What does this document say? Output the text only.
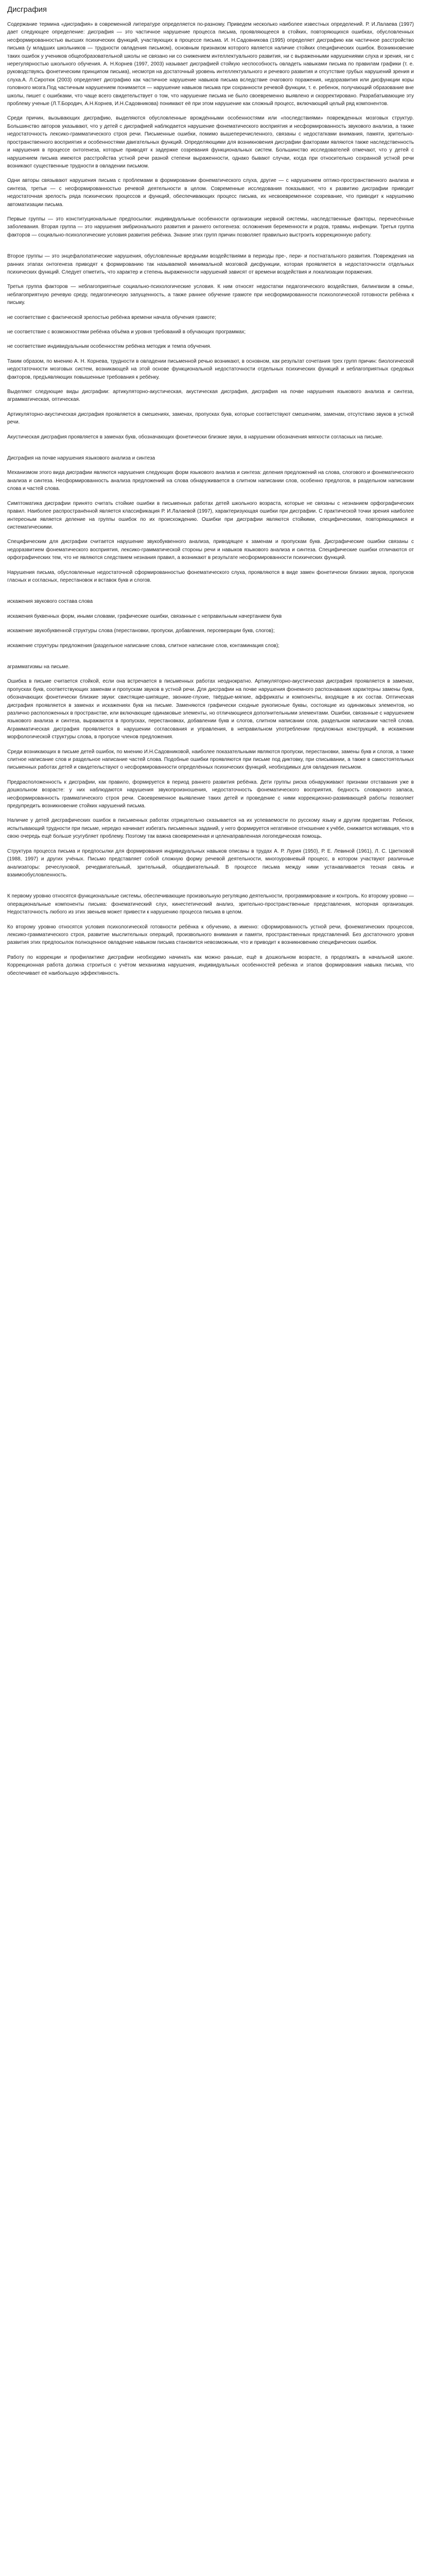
Дисграфия

Содержание термина «дисграфия» в современной литературе определяется по-разному. Приведем несколько наиболее известных определений. Р. И.Лалаева (1997) дает следующее определение: дисграфия — это частичное нарушение процесса письма, проявляющееся в стойких, повторяющихся ошибках, обусловленных несформированностью высших психических функций, участвующих в процессе письма. И. Н.Садовникова (1995) определяет дисграфию как частичное расстройство письма (у младших школьников — трудности овладения письмом), основным признаком которого является наличие стойких специфических ошибок. Возникновение таких ошибок у учеников общеобразовательной школы не связано ни со снижением интеллектуального развития, ни с выраженными нарушениями слуха и зрения, ни с нерегулярностью школьного обучения. А. Н.Корнев (1997, 2003) называет дисграфией стойкую неспособность овладеть навыками письма по правилам графики (т. е. руководствуясь фонетическим принципом письма), несмотря на достаточный уровень интеллектуального и речевого развития и отсутствие грубых нарушений зрения и слуха.А. Л.Сиротюк (2003) определяет дисграфию как частичное нарушение навыков письма вследствие очагового поражения, недоразвития или дисфункции коры головного мозга.Под частичным нарушением понимается — нарушение навыков письма при сохранности речевой функции, т. е. ребенок, получающий образование вне школы, пишет с ошибками, что чаще всего свидетельствует о том, что нарушение письма не было своевременно выявлено и скорректировано. Разрабатывающие эту проблему ученые (Л.Т.Бородич, А.Н.Корнев, И.Н.Садовникова) понимают её при этом нарушение как сложный процесс, включающий целый ряд компонентов.

Среди причин, вызывающих дисграфию, выделяются обусловленные врождёнными особенностями или «последствиями» поврежденных мозговых структур. Большинство авторов указывают, что у детей с дисграфией наблюдается нарушение фонематического восприятия и несформированность звукового анализа, а также недостаточность лексико-грамматического строя речи. Письменные ошибки, помимо вышеперечисленного, связаны с недостатками внимания, памяти, зрительно-пространственного восприятия и особенностями двигательных функций. Определяющими для возникновения дисграфии факторами являются также наследственность и нарушения в процессе онтогенеза, которые приводят к задержке созревания функциональных систем. Большинство исследователей отмечают, что у детей с нарушением письма имеются расстройства устной речи разной степени выраженности, однако бывают случаи, когда при относительно сохранной устной речи возникают существенные трудности в овладении письмом.

Одни авторы связывают нарушения письма с проблемами в формировании фонематического слуха, другие — с нарушением оптико-пространственного анализа и синтеза, третьи — с несформированностью речевой деятельности в целом. Современные исследования показывают, что к развитию дисграфии приводит недостаточная зрелость ряда психических процессов и функций, обеспечивающих процесс письма, их несвоевременное созревание, что приводит к нарушению автоматизации письма.

Первые группы — это конституциональные предпосылки: индивидуальные особенности организации нервной системы, наследственные факторы, перенесённые заболевания. Вторая группа — это нарушения эмбрионального развития и раннего онтогенеза: осложнения беременности и родов, травмы, инфекции. Третья группа факторов — социально-психологические условия развития ребёнка. Знание этих групп причин позволяет правильно выстроить коррекционную работу.

Второе группы — это энцефалопатические нарушения, обусловленные вредными воздействиями в периоды пре-, пери- и постнатального развития. Повреждения на ранних этапах онтогенеза приводят к формированию так называемой минимальной мозговой дисфункции, которая проявляется в недостаточности отдельных психических функций. Следует отметить, что характер и степень выраженности нарушений зависят от времени воздействия и локализации поражения.

Третья группа факторов — неблагоприятные социально-психологические условия. К ним относят недостатки педагогического воздействия, билингвизм в семье, неблагоприятную речевую среду, педагогическую запущенность, а также раннее обучение грамоте при несформированности психологической готовности ребёнка к письму.

не соответствие с фактической зрелостью ребёнка времени начала обучения грамоте;

не соответствие с возможностями ребёнка объёма и уровня требований в обучающих программах;

не соответствие индивидуальным особенностям ребёнка методик и темпа обучения.

Таким образом, по мнению А. Н. Корнева, трудности в овладении письменной речью возникают, в основном, как результат сочетания трех групп причин: биологической недостаточности мозговых систем, возникающей на этой основе функциональной недостаточности отдельных психических функций и неблагоприятных средовых факторов, предъявляющих повышенные требования к ребёнку.

Выделяют следующие виды дисграфии: артикуляторно-акустическая, акустическая дисграфия, дисграфия на почве нарушения языкового анализа и синтеза, аграмматическая, оптическая.

Артикуляторно-акустическая дисграфия проявляется в смешениях, заменах, пропусках букв, которые соответствуют смешениям, заменам, отсутствию звуков в устной речи.

Акустическая дисграфия проявляется в заменах букв, обозначающих фонетически близкие звуки, в нарушении обозначения мягкости согласных на письме.

Дисграфия на почве нарушения языкового анализа и синтеза

Механизмом этого вида дисграфии являются нарушения следующих форм языкового анализа и синтеза: деления предложений на слова, слогового и фонематического анализа и синтеза. Несформированность анализа предложений на слова обнаруживается в слитном написании слов, особенно предлогов, в раздельном написании слова и частей слова.

Симптоматика дисграфии принято считать стойкие ошибки в письменных работах детей школьного возраста, которые не связаны с незнанием орфографических правил. Наиболее распространённой является классификация Р. И.Лалаевой (1997), характеризующая ошибки при дисграфии. С практической точки зрения наиболее интересным является деление на группы ошибок по их происхождению. Ошибки при дисграфии являются стойкими, специфическими, повторяющимися и систематическими.

Специфическим для дисграфии считается нарушение звукобуквенного анализа, приводящее к заменам и пропускам букв. Дисграфические ошибки связаны с недоразвитием фонематического восприятия, лексико-грамматической стороны речи и навыков языкового анализа и синтеза. Специфические ошибки отличаются от орфографических тем, что не являются следствием незнания правил, а возникают в результате несформированности психических функций.

Нарушения письма, обусловленные недостаточной сформированностью фонематического слуха, проявляются в виде замен фонетически близких звуков, пропусков гласных и согласных, перестановок и вставок букв и слогов.

искажения звукового состава слова

искажения буквенных форм, иными словами, графические ошибки, связанные с неправильным начертанием букв

искажение звукобуквенной структуры слова (перестановки, пропуски, добавления, персеверации букв, слогов);

искажение структуры предложения (раздельное написание слова, слитное написание слов, контаминация слов);

аграмматизмы на письме.

Ошибка в письме считается стойкой, если она встречается в письменных работах неоднократно. Артикуляторно-акустическая дисграфия проявляется в заменах, пропусках букв, соответствующих заменам и пропускам звуков в устной речи. Для дисграфии на почве нарушения фонемного распознавания характерны замены букв, обозначающих фонетически близкие звуки: свистящие-шипящие, звонкие-глухие, твёрдые-мягкие, аффрикаты и компоненты, входящие в их состав. Оптическая дисграфия проявляется в заменах и искажениях букв на письме. Заменяются графически сходные рукописные буквы, состоящие из одинаковых элементов, но различно расположенных в пространстве, или включающие одинаковые элементы, но отличающиеся дополнительными элементами. Ошибки, связанные с нарушением языкового анализа и синтеза, выражаются в пропусках, перестановках, добавлении букв и слогов, слитном написании слов, раздельном написании частей слова. Аграмматическая дисграфия проявляется в нарушении согласования и управления, в неправильном употреблении предложных конструкций, в искажении морфологической структуры слова, в пропуске членов предложения.

Среди возникающих в письме детей ошибок, по мнению И.Н.Садовниковой, наиболее показательными являются пропуски, перестановки, замены букв и слогов, а также слитное написание слов и раздельное написание частей слова. Подобные ошибки проявляются при письме под диктовку, при списывании, а также в самостоятельных письменных работах детей и свидетельствуют о несформированности определённых психических функций, необходимых для овладения письмом.

Предрасположенность к дисграфии, как правило, формируется в период раннего развития ребёнка. Дети группы риска обнаруживают признаки отставания уже в дошкольном возрасте: у них наблюдаются нарушения звукопроизношения, недостаточность фонематического восприятия, бедность словарного запаса, несформированность грамматического строя речи. Своевременное выявление таких детей и проведение с ними коррекционно-развивающей работы позволяет предупредить возникновение стойких нарушений письма.

Наличие у детей дисграфических ошибок в письменных работах отрицательно сказывается на их успеваемости по русскому языку и другим предметам. Ребенок, испытывающий трудности при письме, нередко начинает избегать письменных заданий, у него формируется негативное отношение к учёбе, снижается мотивация, что в свою очередь ещё больше усугубляет проблему. Поэтому так важна своевременная и целенаправленная логопедическая помощь.

Структура процесса письма и предпосылки для формирования индивидуальных навыков описаны в трудах А. Р. Лурия (1950), Р. Е. Левиной (1961), Л. С. Цветковой (1988, 1997) и других учёных. Письмо представляет собой сложную форму речевой деятельности, многоуровневый процесс, в котором участвуют различные анализаторы: речеслуховой, речедвигательный, зрительный, общедвигательный. В процессе письма между ними устанавливается тесная связь и взаимообусловленность.

К первому уровню относятся функциональные системы, обеспечивающие произвольную регуляцию деятельности, программирование и контроль. Ко второму уровню — операциональные компоненты письма: фонематический слух, кинестетический анализ, зрительно-пространственные представления, моторная организация. Недостаточность любого из этих звеньев может привести к нарушению процесса письма в целом.

Ко второму уровню относятся условия психологической готовности ребёнка к обучению, а именно: сформированность устной речи, фонематических процессов, лексико-грамматического строя, развитие мыслительных операций, произвольного внимания и памяти, пространственных представлений. Без достаточного уровня развития этих предпосылок полноценное овладение навыком письма становится невозможным, что и приводит к возникновению специфических ошибок.

Работу по коррекции и профилактике дисграфии необходимо начинать как можно раньше, ещё в дошкольном возрасте, а продолжать в начальной школе. Коррекционная работа должна строиться с учётом механизма нарушения, индивидуальных особенностей ребенка и этапов формирования навыка письма, что обеспечивает её наибольшую эффективность.
